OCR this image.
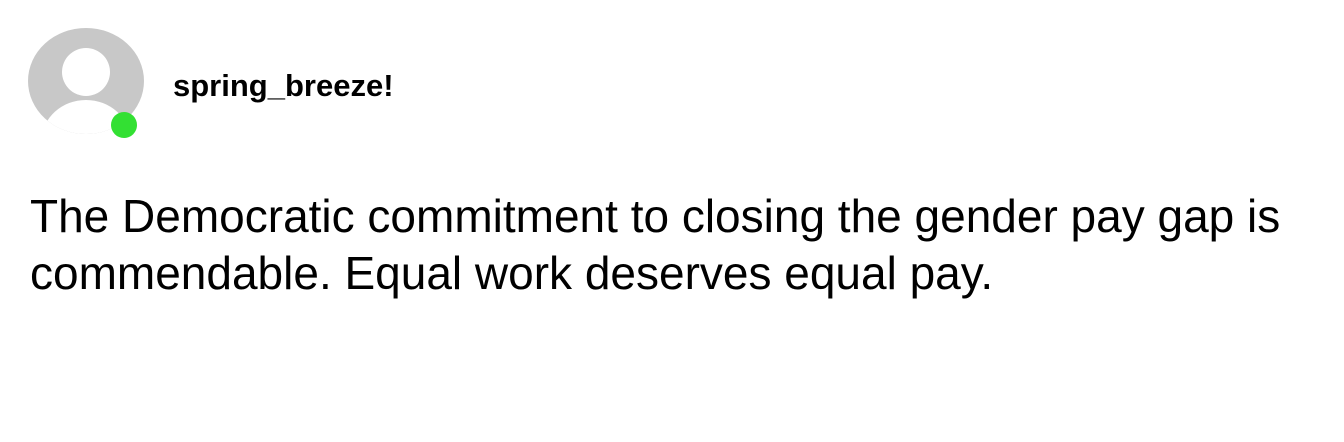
spring_breeze!

The Democratic commitment to closing the gender pay gap is commendable. Equal work deserves equal pay.
